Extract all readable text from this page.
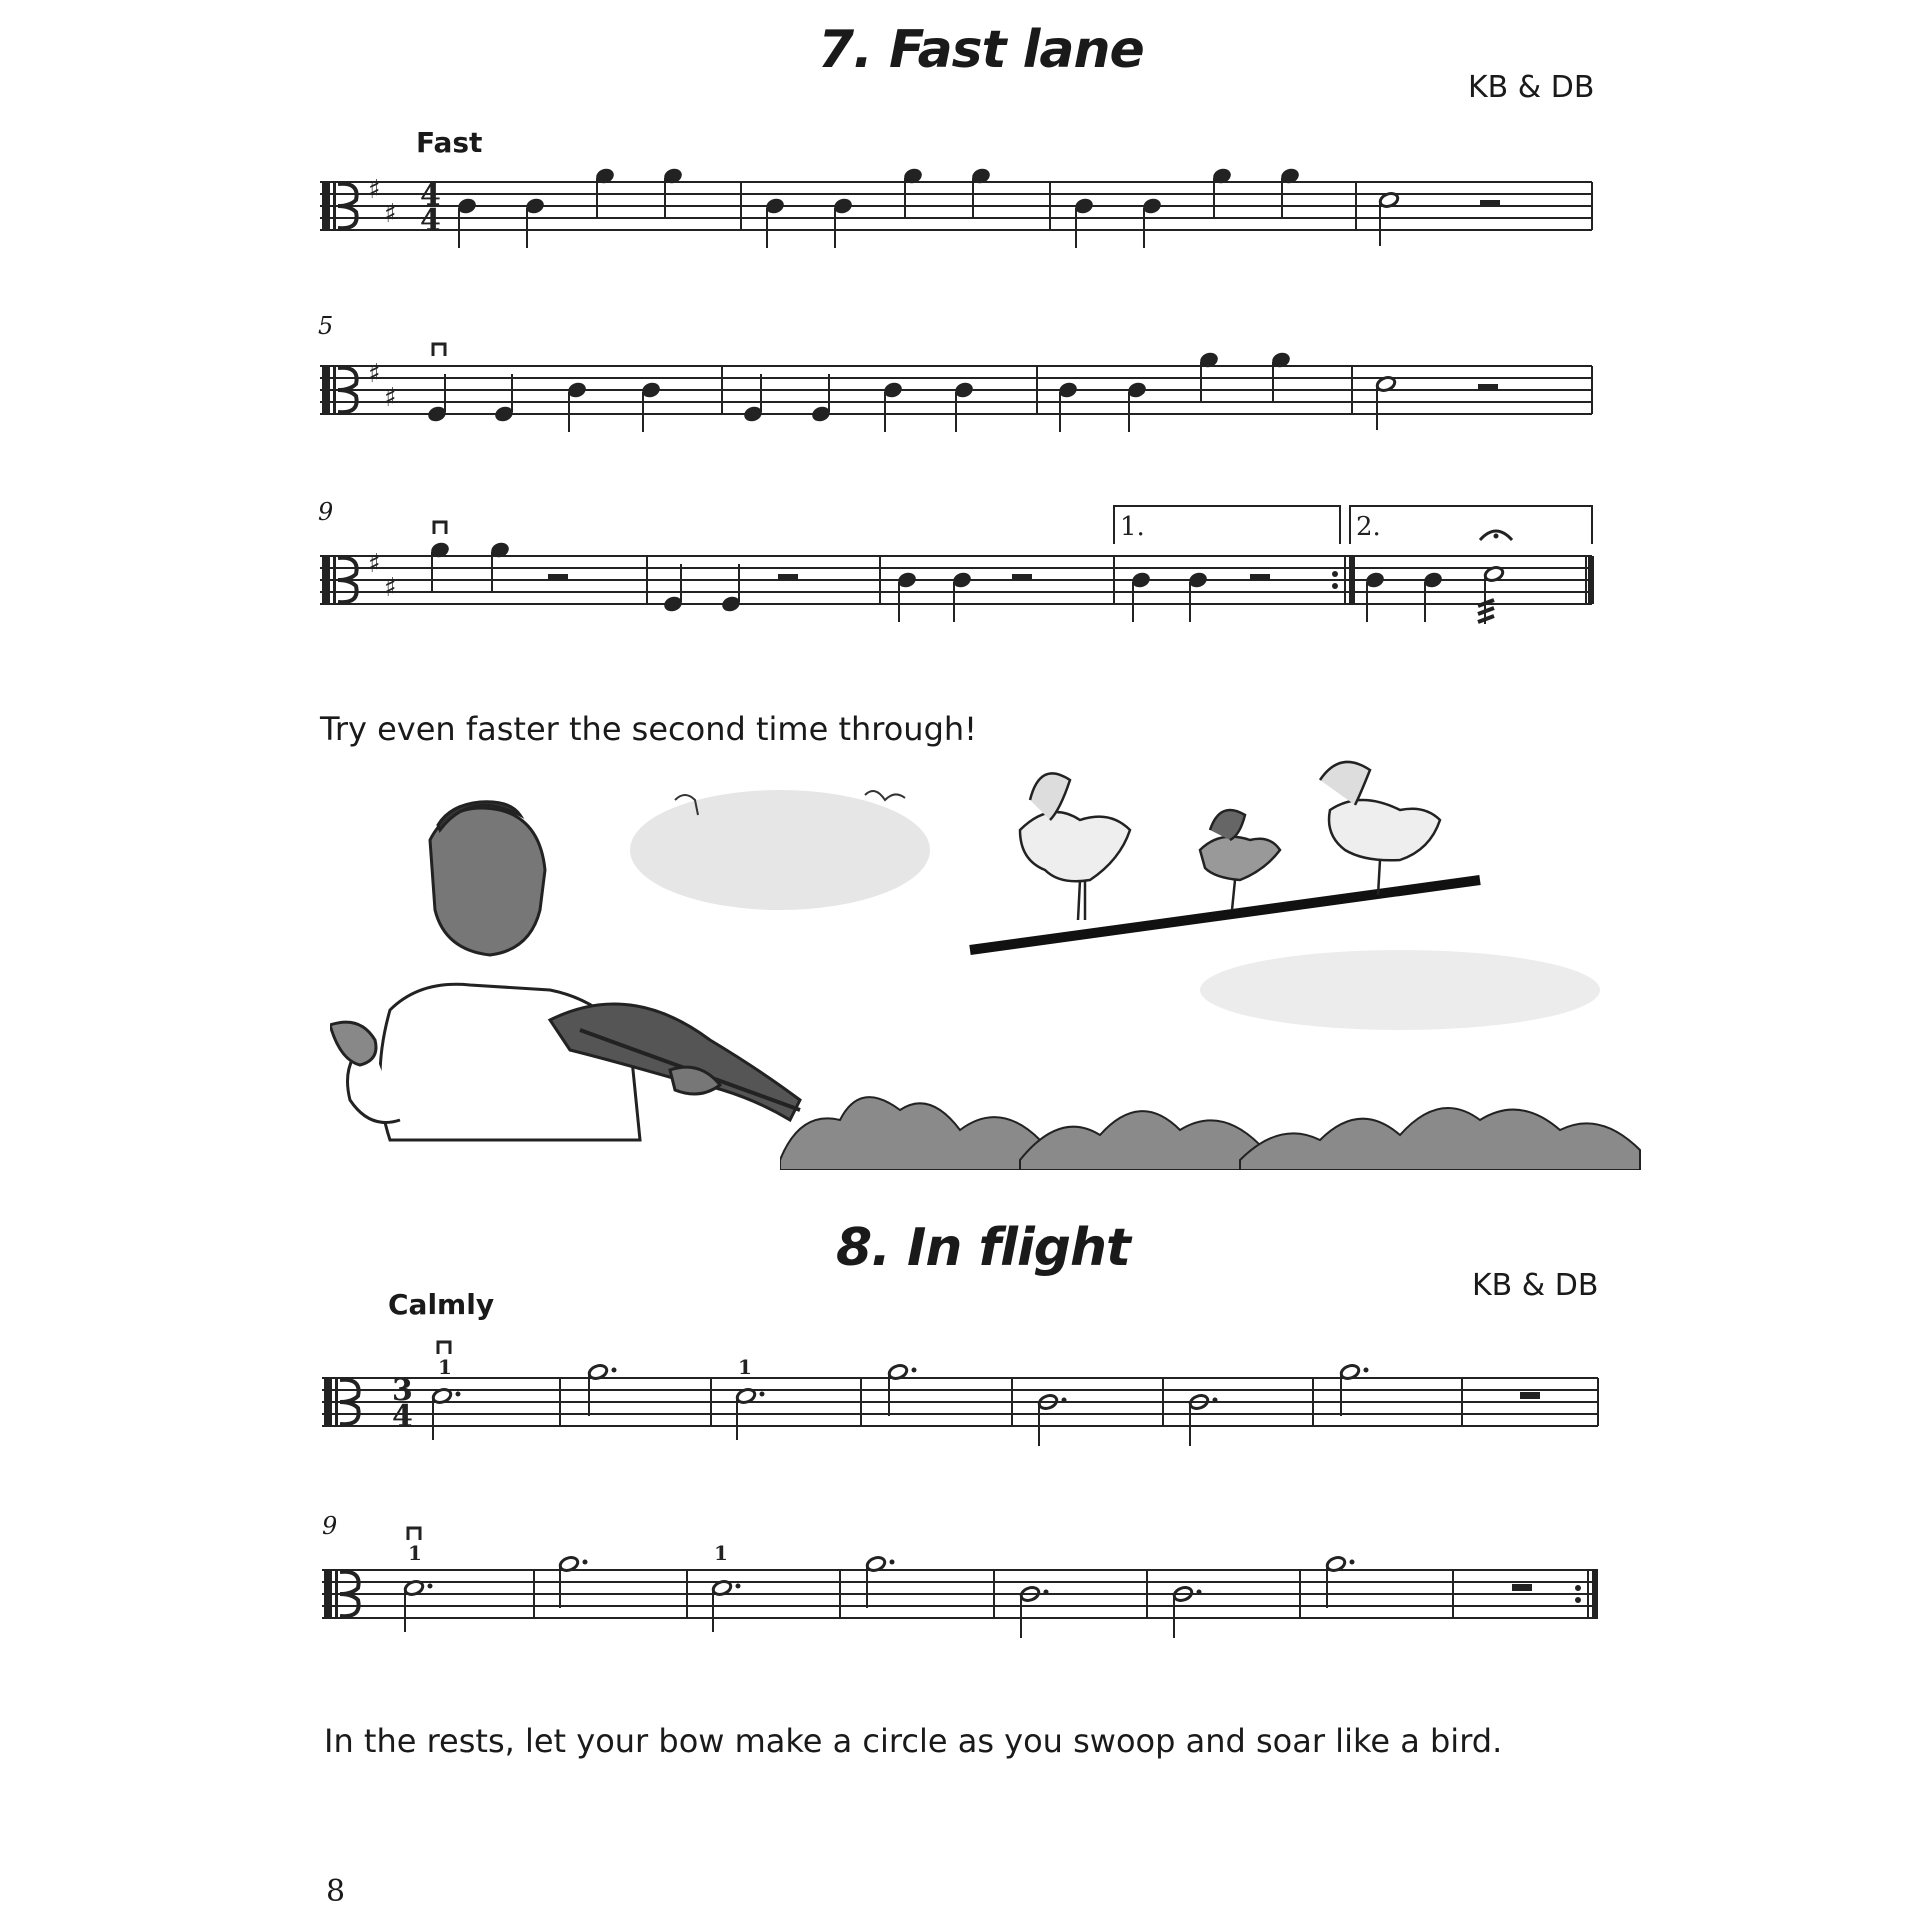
7. Fast lane
KB & DB
Fast
♯
♯
4
4
5
♯
♯
9	1.	2.
♯
♯
Try even faster the second time through!
8. In flight
KB & DB
Calmly
3
4
1	1
9
1	1
In the rests, let your bow make a circle as you swoop and soar like a bird.
8
